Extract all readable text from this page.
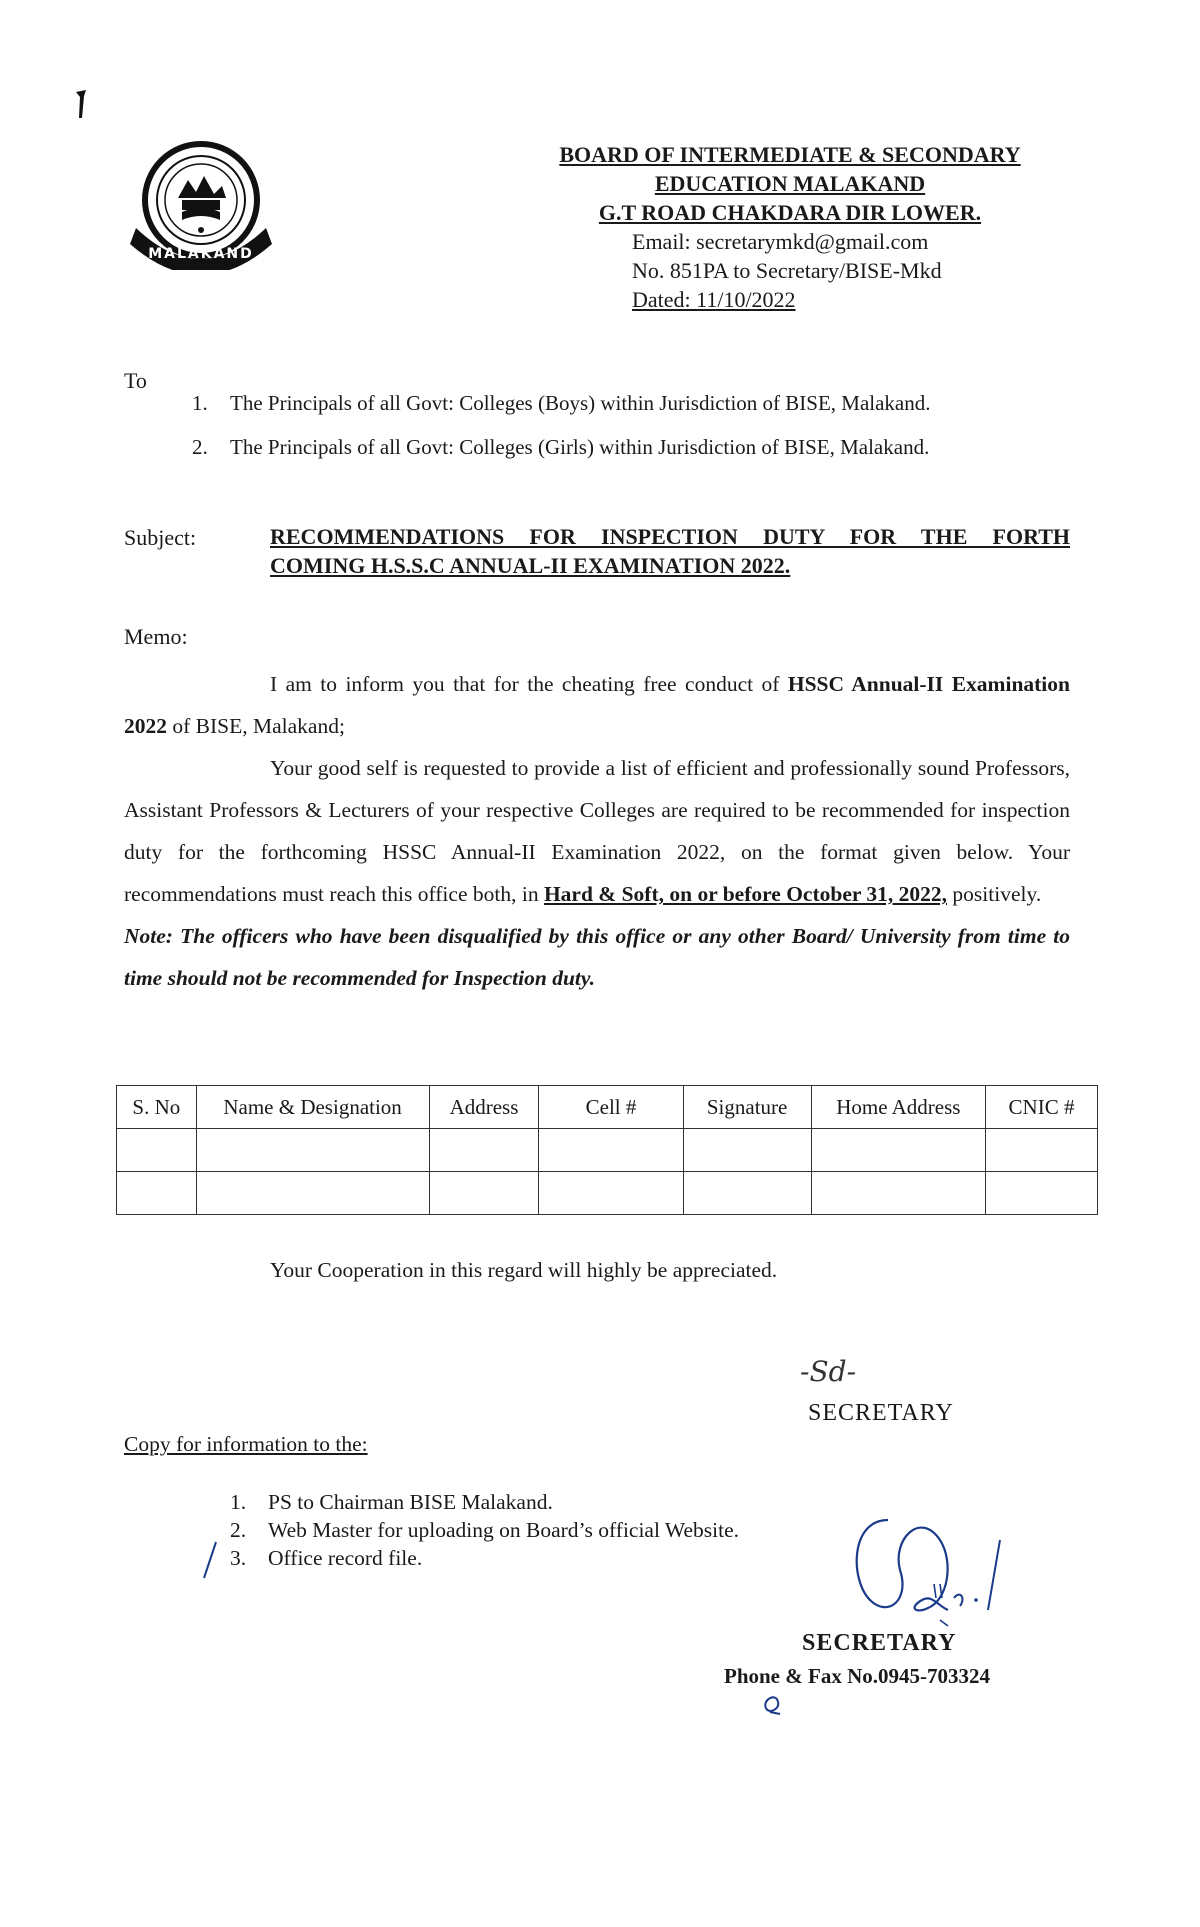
MALAKAND
BOARD OF INTERMEDIATE & SECONDARY
EDUCATION MALAKAND
G.T ROAD CHAKDARA DIR LOWER.
Email: secretarymkd@gmail.com
No. 851PA to Secretary/BISE-Mkd
Dated: 11/10/2022
To
1. The Principals of all Govt: Colleges (Boys) within Jurisdiction of BISE, Malakand.
2. The Principals of all Govt: Colleges (Girls) within Jurisdiction of BISE, Malakand.
Subject:	RECOMMENDATIONS FOR INSPECTION DUTY FOR THE FORTH
COMING H.S.S.C ANNUAL-II EXAMINATION 2022.
Memo:

I am to inform you that for the cheating free conduct of HSSC Annual-II Examination 2022 of BISE, Malakand;

Your good self is requested to provide a list of efficient and professionally sound Professors, Assistant Professors & Lecturers of your respective Colleges are required to be recommended for inspection duty for the forthcoming HSSC Annual-II Examination 2022, on the format given below. Your recommendations must reach this office both, in Hard & Soft, on or before October 31, 2022, positively.

Note: The officers who have been disqualified by this office or any other Board/ University from time to time should not be recommended for Inspection duty.

S. No	Name & Designation	Address	Cell #	Signature	Home Address	CNIC #

Your Cooperation in this regard will highly be appreciated.
-Sd-
SECRETARY
Copy for information to the:
1. PS to Chairman BISE Malakand.
2. Web Master for uploading on Board’s official Website.
3. Office record file.
SECRETARY
Phone & Fax No.0945-703324
